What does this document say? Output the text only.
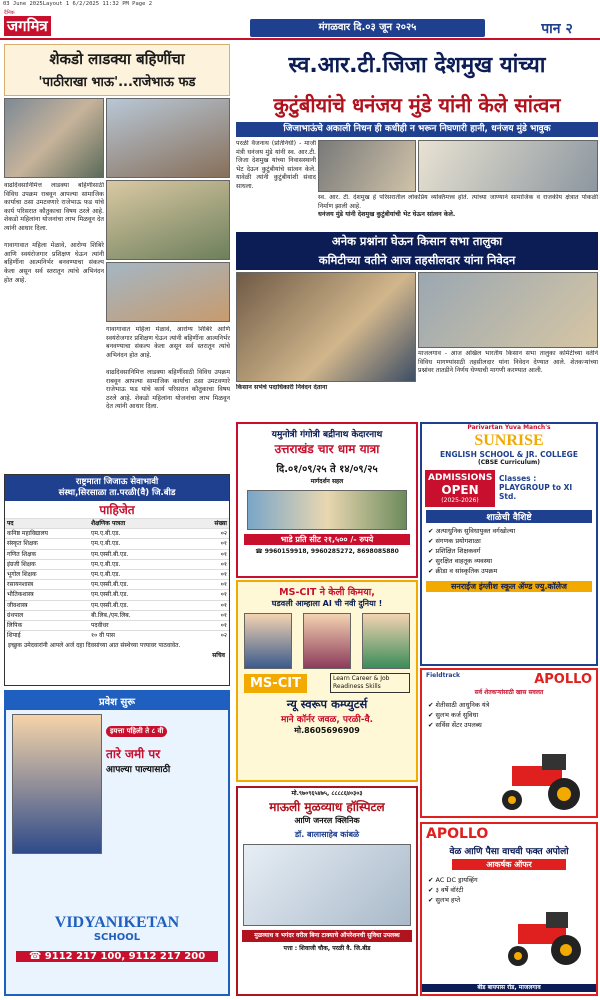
03 June 2025Layout 1 6/2/2025 11:32 PM Page 2
दैनिक
जगमित्र	मंगळवार दि.०३ जून २०२५	पान २
शेकडो लाडक्या बहिणींचा
'पाठीराखा भाऊ'...राजेभाऊ फड

वाढदिवसानिमित्त लाडक्या बहिणींसाठी विविध उपक्रम राबवून आपल्या सामाजिक कार्याचा ठसा उमटवणारे राजेभाऊ फड यांचे कार्य परिसरात कौतुकाचा विषय ठरले आहे. शेकडो महिलांना योजनांचा लाभ मिळवून देत त्यांनी आधार दिला.

गावागावात महिला मेळावे, आरोग्य शिबिरे आणि स्वयंरोजगार प्रशिक्षण घेऊन त्यांनी बहिणींना आत्मनिर्भर बनवण्याचा संकल्प केला असून सर्व स्तरातून त्यांचे अभिनंदन होत आहे.

गावागावात महिला मेळावे, आरोग्य शिबिरे आणि स्वयंरोजगार प्रशिक्षण घेऊन त्यांनी बहिणींना आत्मनिर्भर बनवण्याचा संकल्प केला असून सर्व स्तरातून त्यांचे अभिनंदन होत आहे.

वाढदिवसानिमित्त लाडक्या बहिणींसाठी विविध उपक्रम राबवून आपल्या सामाजिक कार्याचा ठसा उमटवणारे राजेभाऊ फड यांचे कार्य परिसरात कौतुकाचा विषय ठरले आहे. शेकडो महिलांना योजनांचा लाभ मिळवून देत त्यांनी आधार दिला.

स्व.आर.टी.जिजा देशमुख यांच्या
कुटुंबीयांचे धनंजय मुंडे यांनी केले सांत्वन
जिजाभाऊंचे अकाली निधन ही कधीही न भरून निघणारी हानी, धनंजय मुंडे भावुक

परळी वैजनाथ (प्रतिनिधी) - माजी मंत्री धनंजय मुंडे यांनी स्व. आर.टी. जिजा देशमुख यांच्या निवासस्थानी भेट देऊन कुटुंबीयांचे सांत्वन केले. यावेळी त्यांनी कुटुंबीयांशी संवाद साधला.

स्व. आर. टी. देशमुख हे परिसरातील लोकप्रिय व्यक्तिमत्त्व होते. त्यांच्या जाण्याने सामाजिक व राजकीय क्षेत्रात पोकळी निर्माण झाली आहे.

धनंजय मुंडे यांनी देशमुख कुटुंबीयांची भेट घेऊन सांत्वन केले.

अनेक प्रश्नांना घेऊन किसान सभा तालुका
कमिटीच्या वतीने आज तहसीलदार यांना निवेदन

किसान सभेचे पदाधिकारी निवेदन देताना

माजलगाव - आज अखिल भारतीय किसान सभा तालुका कमिटीच्या वतीने विविध मागण्यांसाठी तहसीलदार यांना निवेदन देण्यात आले. शेतकऱ्यांच्या प्रश्नांवर तातडीने निर्णय घेण्याची मागणी करण्यात आली.

यमुनोत्री गंगोत्री बद्रीनाथ केदारनाथ
उत्तराखंड चार धाम यात्रा
दि.०१/०९/२५ ते १४/०९/२५
मार्गदर्शन सहल
भाडे प्रति सीट २१,५०० /- रुपये
☎ 9960159918, 9960285272, 8698085880
राष्ट्रमाता जिजाऊ सेवाभावी
संस्था,सिरसाळा ता.परळी(वै) जि.बीड
पाहिजेत
पद	शैक्षणिक पात्रता	संख्या
कनिष्ठ महाविद्यालय	एम.ए.बी.एड.	०२
संस्कृत शिक्षक	एम.ए.बी.एड.	०१
गणित शिक्षक	एम.एस्सी.बी.एड.	०१
इंग्रजी शिक्षक	एम.ए.बी.एड.	०१
भूगोल शिक्षक	एम.ए.बी.एड.	०१
रसायनशास्त्र	एम.एस्सी.बी.एड.	०१
भौतिकशास्त्र	एम.एस्सी.बी.एड.	०१
जीवशास्त्र	एम.एस्सी.बी.एड.	०१
ग्रंथपाल	बी.लिब./एम.लिब.	०१
लिपिक	पदवीधर	०१
शिपाई	१० वी पास	०२
इच्छुक उमेदवारांनी आपले अर्ज दहा दिवसांच्या आत संस्थेच्या पत्त्यावर पाठवावेत.
सचिव
प्रवेश सुरू
इयत्ता पहिली ते ८ वी
तारे जमी पर
आपल्या पाल्यासाठी
VIDYANIKETAN
SCHOOL
☎ 9112 217 100, 9112 217 200
MS-CIT ने केली किमया,
घडवली आम्हाला AI ची नवी दुनिया !
MS-CIT	Learn Career & Job Readiness Skills
न्यू स्वरूप कम्प्युटर्स
माने कॉर्नर जवळ, परळी-वै.
मो.8605696909
मो.९७०९६५४७५, ८८८८६४०३०३
माऊली मुळव्याध हॉस्पिटल
आणि जनरल क्लिनिक
डॉ. बालासाहेब कांबळे
मुळव्याध व भगंदर वरील बिना टाक्याचे ऑपरेशनची सुविधा उपलब्ध
पत्ता : शिवाजी चौक, परळी वै. जि.बीड
Parivartan Yuva Manch's
SUNRISE
ENGLISH SCHOOL & JR. COLLEGE
(CBSE Curriculum)
ADMISSIONS
OPEN
(2025-2026)
Classes : PLAYGROUP to XI Std.
शाळेची वैशिष्टे
✔ अत्याधुनिक सुविधायुक्त वर्गखोल्या
✔ संगणक प्रयोगशाळा
✔ प्रशिक्षित शिक्षकवर्ग
✔ सुरक्षित वाहतूक व्यवस्था
✔ क्रीडा व सांस्कृतिक उपक्रम
सनराईज इंग्लीश स्कूल ॲण्ड ज्यु.कॉलेज
Fieldtrack	APOLLO
सर्व शेतकऱ्यांसाठी खास सवलत
✔ शेतीसाठी आधुनिक यंत्रे
✔ सुलभ कर्ज सुविधा
✔ सर्विस सेंटर उपलब्ध
APOLLO
वेळ आणि पैसा वाचवी फक्त अपोलो
आकर्षक ऑफर
✔ AC DC ड्रायव्हिंग
✔ ३ वर्षे वॉरंटी
✔ सुलभ हप्ते
बीड बायपास रोड, माजलगाव
